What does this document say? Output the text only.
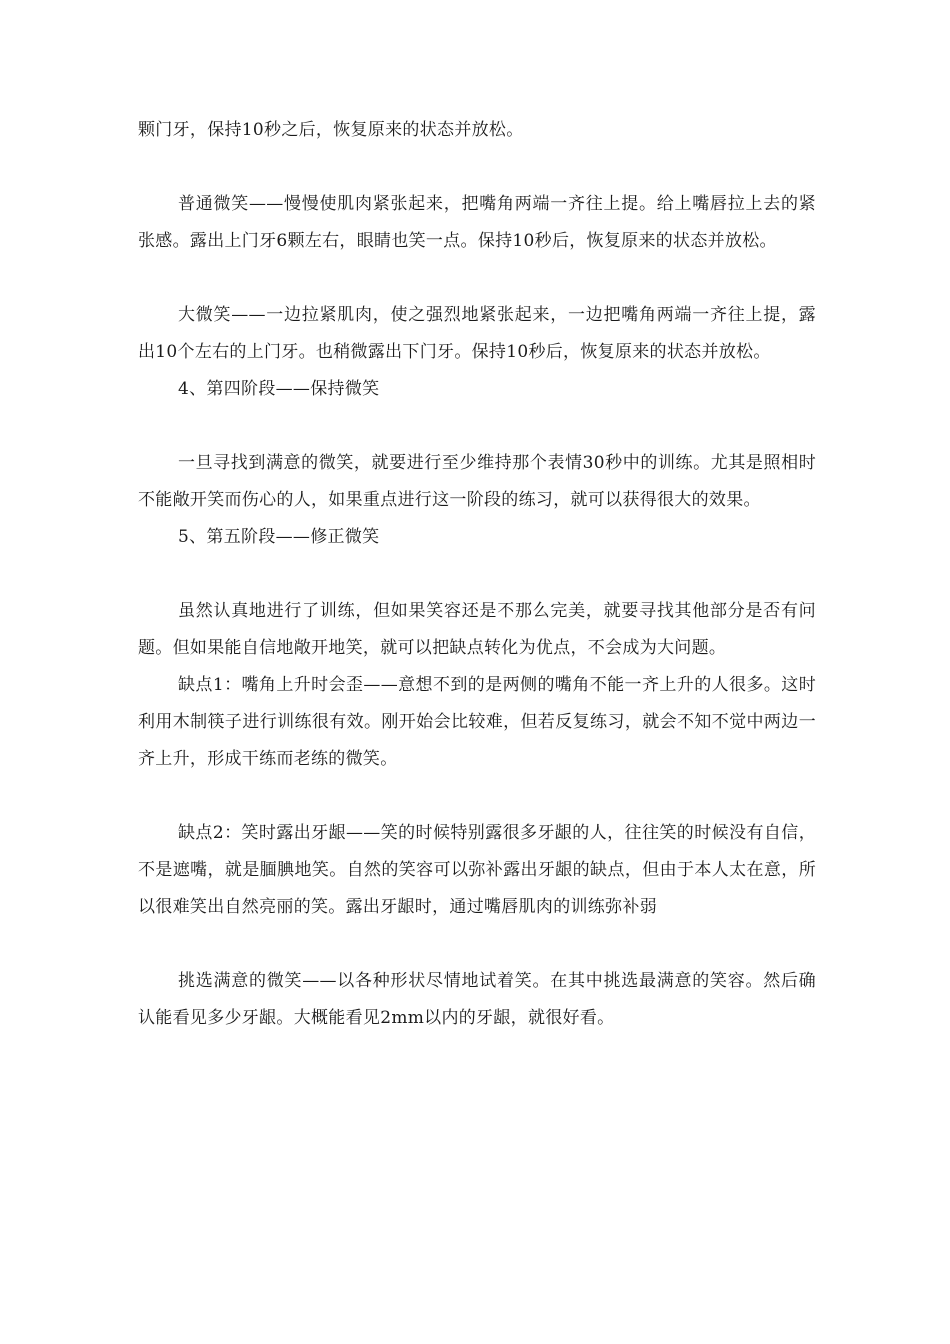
颗门牙，保持10秒之后，恢复原来的状态并放松。

普通微笑——慢慢使肌肉紧张起来，把嘴角两端一齐往上提。给上嘴唇拉上去的紧张感。露出上门牙6颗左右，眼睛也笑一点。保持10秒后，恢复原来的状态并放松。

大微笑——一边拉紧肌肉，使之强烈地紧张起来，一边把嘴角两端一齐往上提，露出10个左右的上门牙。也稍微露出下门牙。保持10秒后，恢复原来的状态并放松。

4、第四阶段——保持微笑

一旦寻找到满意的微笑，就要进行至少维持那个表情30秒中的训练。尤其是照相时不能敞开笑而伤心的人，如果重点进行这一阶段的练习，就可以获得很大的效果。

5、第五阶段——修正微笑

虽然认真地进行了训练，但如果笑容还是不那么完美，就要寻找其他部分是否有问题。但如果能自信地敞开地笑，就可以把缺点转化为优点，不会成为大问题。

缺点1：嘴角上升时会歪——意想不到的是两侧的嘴角不能一齐上升的人很多。这时利用木制筷子进行训练很有效。刚开始会比较难，但若反复练习，就会不知不觉中两边一齐上升，形成干练而老练的微笑。

缺点2：笑时露出牙龈——笑的时候特别露很多牙龈的人，往往笑的时候没有自信，不是遮嘴，就是腼腆地笑。自然的笑容可以弥补露出牙龈的缺点，但由于本人太在意，所以很难笑出自然亮丽的笑。露出牙龈时，通过嘴唇肌肉的训练弥补弱

挑选满意的微笑——以各种形状尽情地试着笑。在其中挑选最满意的笑容。然后确认能看见多少牙龈。大概能看见2mm以内的牙龈，就很好看。
